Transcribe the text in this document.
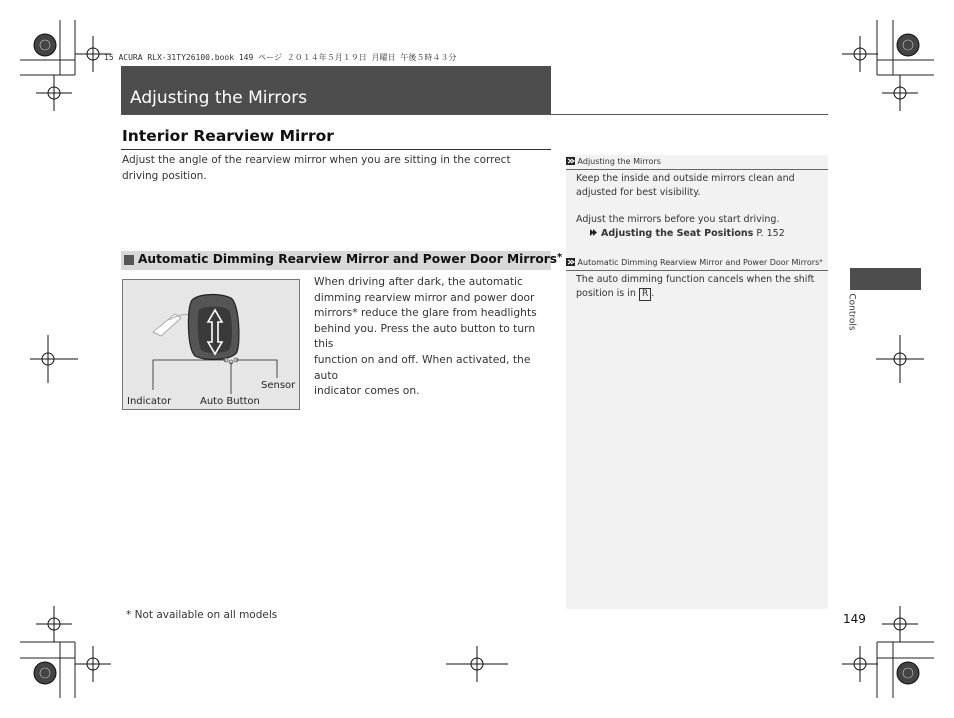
15 ACURA RLX-31TY26100.book 149 ページ ２０１４年５月１９日 月曜日 午後５時４３分
Adjusting the Mirrors
Interior Rearview Mirror
Adjust the angle of the rearview mirror when you are sitting in the correct driving position.
Automatic Dimming Rearview Mirror and Power Door Mirrors*
Sensor
Indicator	Auto Button
When driving after dark, the automatic
dimming rearview mirror and power door
mirrors* reduce the glare from headlights
behind you. Press the auto button to turn this
function on and off. When activated, the auto
indicator comes on.
Adjusting the Mirrors
Keep the inside and outside mirrors clean and
adjusted for best visibility.
Adjust the mirrors before you start driving.
Adjusting the Seat Positions P. 152
Automatic Dimming Rearview Mirror and Power Door Mirrors*
The auto dimming function cancels when the shift
position is in R .	Controls
* Not available on all models	149
